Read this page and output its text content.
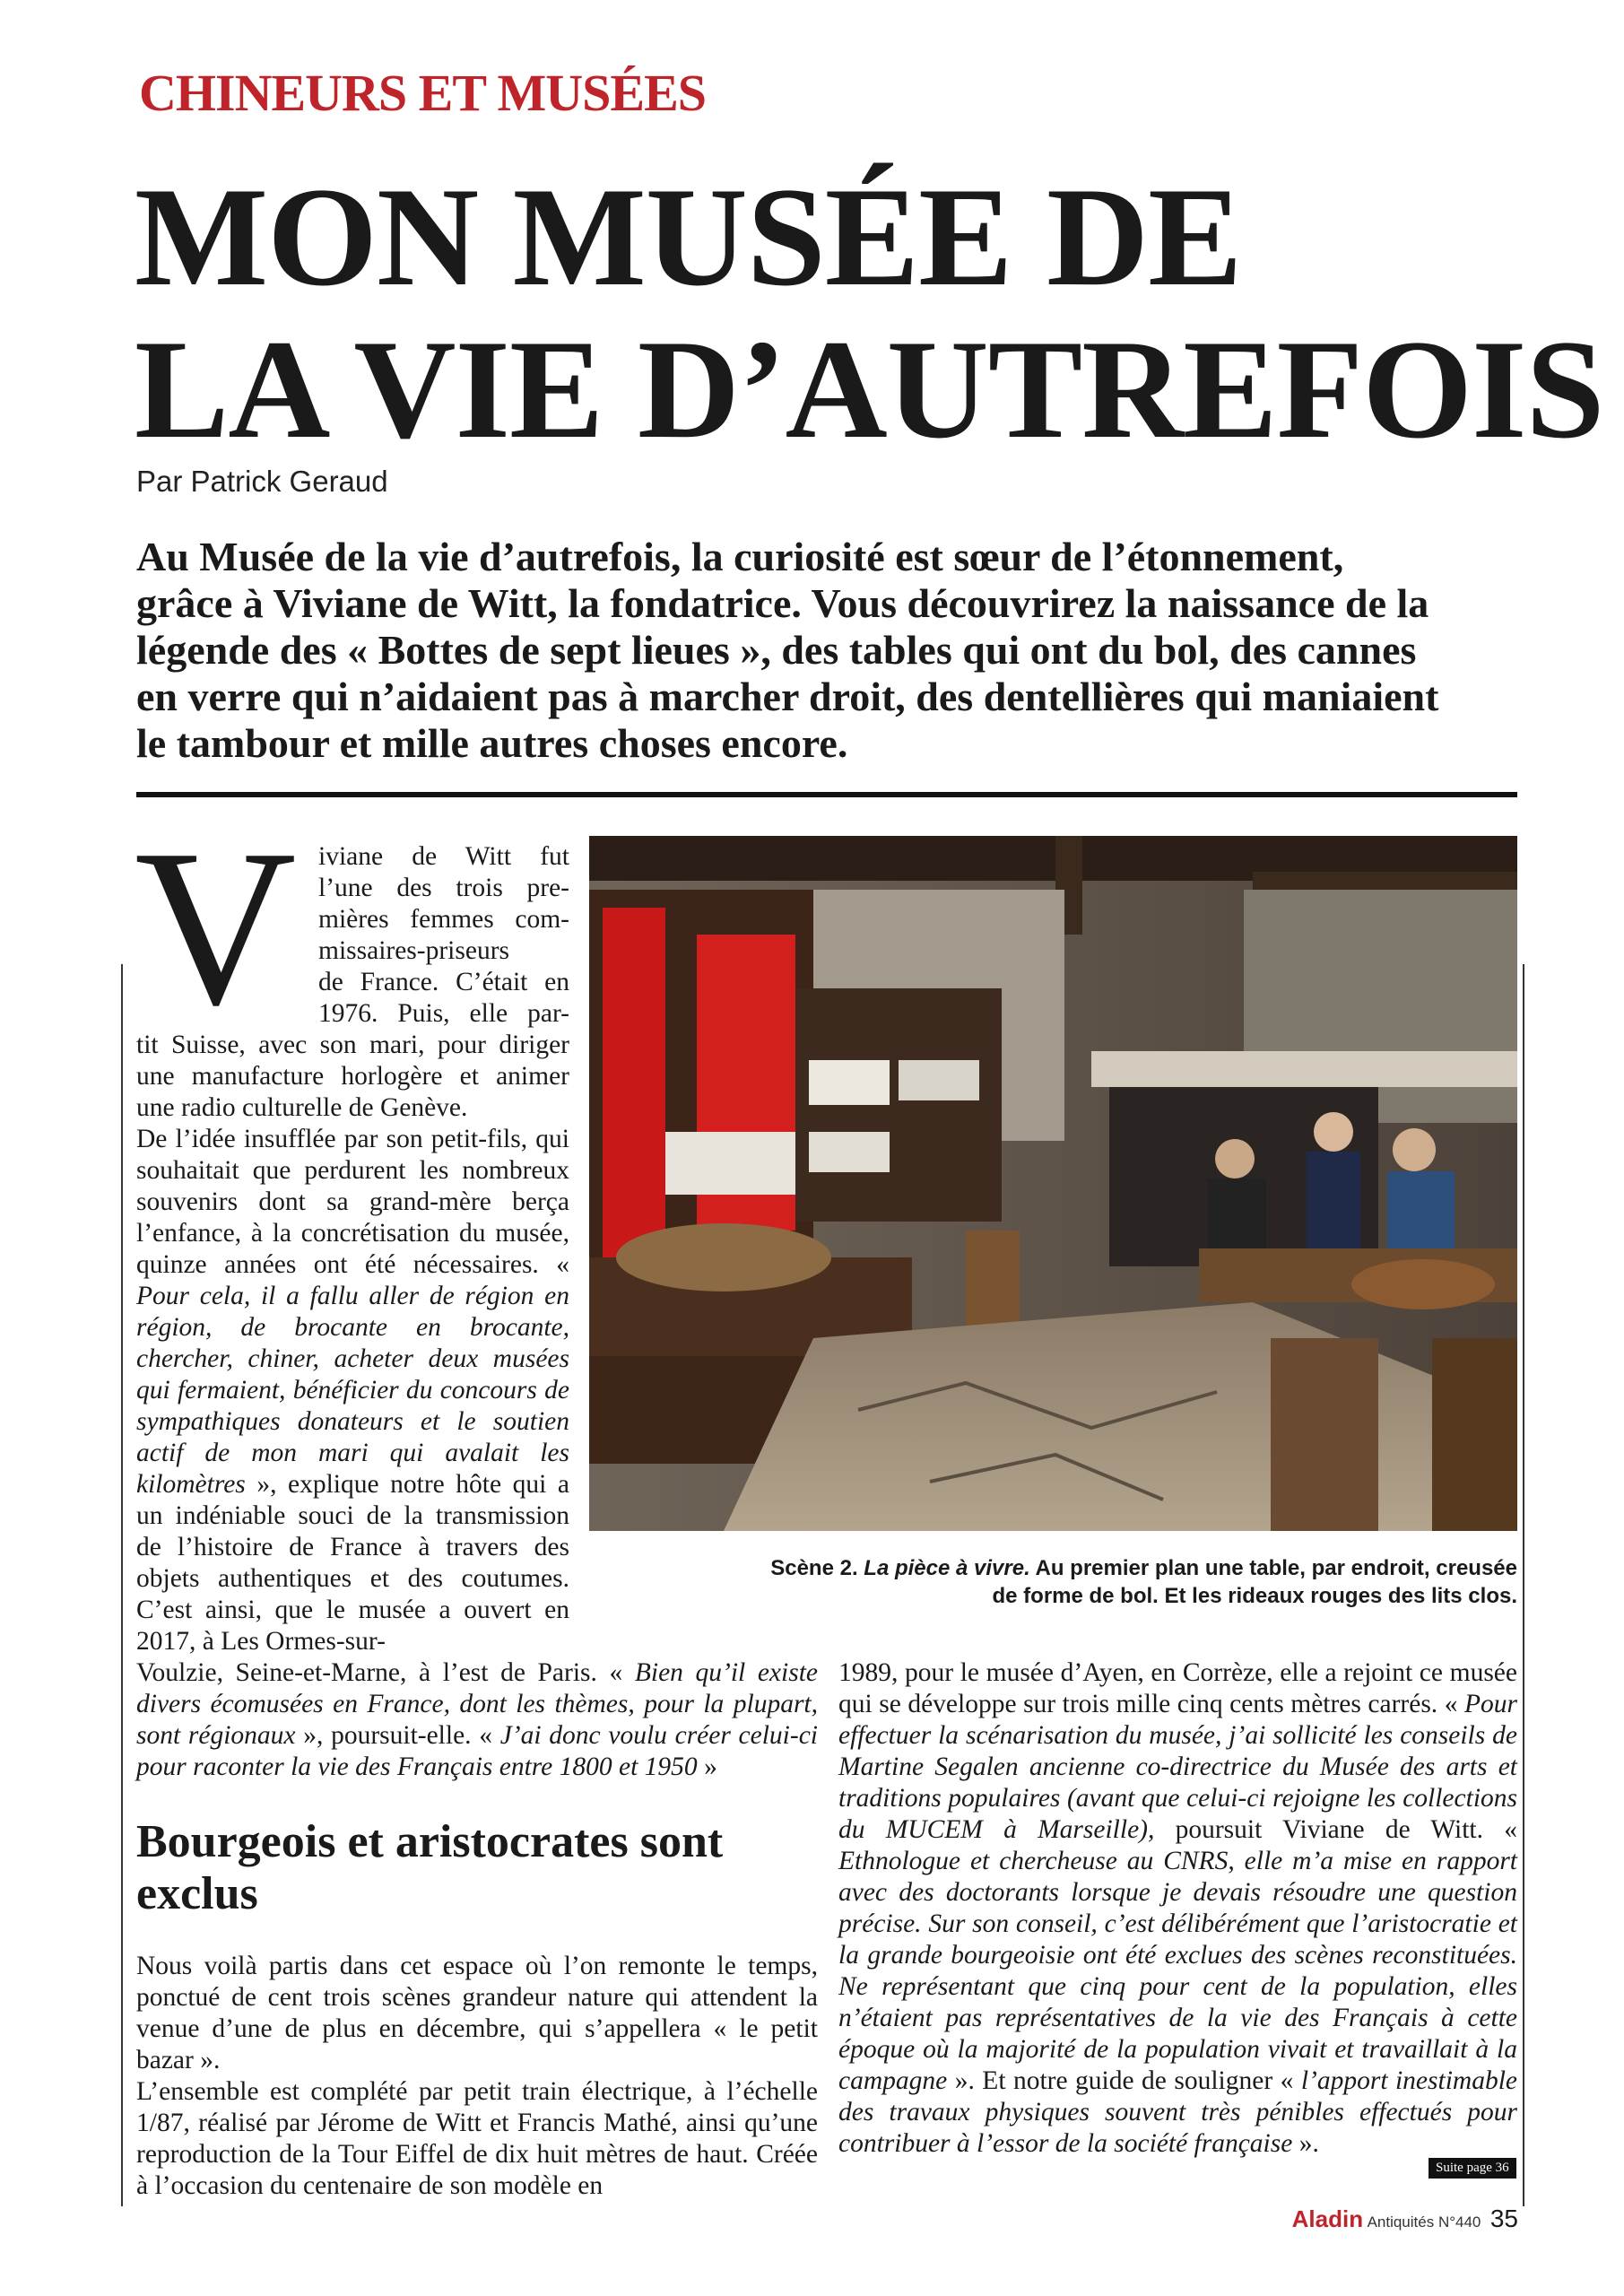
CHINEURS ET MUSÉES
MON MUSÉE DE
LA VIE D’AUTREFOIS
Par Patrick Geraud
Au Musée de la vie d’autrefois, la curiosité est sœur de l’étonnement,
grâce à Viviane de Witt, la fondatrice. Vous découvrirez la naissance de la
légende des « Bottes de sept lieues », des tables qui ont du bol, des cannes
en verre qui n’aidaient pas à marcher droit, des dentellières qui maniaient
le tambour et mille autres choses encore.
V iviane de Witt fut
l’une des trois pre-
mières femmes com-
missaires-priseurs
de France. C’était en
1976. Puis, elle par-

tit Suisse, avec son mari, pour diriger une manufacture horlogère et animer une radio culturelle de Genève.

De l’idée insufflée par son petit-fils, qui souhaitait que perdurent les nombreux souvenirs dont sa grand-mère berça l’enfance, à la concrétisation du musée, quinze années ont été nécessaires. « Pour cela, il a fallu aller de région en région, de brocante en brocante, chercher, chiner, acheter deux musées qui fermaient, bénéficier du concours de sympathiques donateurs et le soutien actif de mon mari qui avalait les kilomètres », explique notre hôte qui a un indéniable souci de la transmission de l’histoire de France à travers des objets authentiques et des coutumes. C’est ainsi, que le musée a ouvert en 2017, à Les Ormes-sur-

Voulzie, Seine-et-Marne, à l’est de Paris. « Bien qu’il existe divers écomusées en France, dont les thèmes, pour la plupart, sont régionaux », poursuit-elle. « J’ai donc voulu créer celui-ci pour raconter la vie des Français entre 1800 et 1950 »

Bourgeois et aristocrates sont exclus

Nous voilà partis dans cet espace où l’on remonte le temps, ponctué de cent trois scènes grandeur nature qui attendent la venue d’une de plus en décembre, qui s’appellera « le petit bazar ».

L’ensemble est complété par petit train électrique, à l’échelle 1/87, réalisé par Jérome de Witt et Francis Mathé, ainsi qu’une reproduction de la Tour Eiffel de dix huit mètres de haut. Créée à l’occasion du centenaire de son modèle en

Scène 2. La pièce à vivre. Au premier plan une table, par endroit, creusée
de forme de bol. Et les rideaux rouges des lits clos.

1989, pour le musée d’Ayen, en Corrèze, elle a rejoint ce musée qui se développe sur trois mille cinq cents mètres carrés. « Pour effectuer la scénarisation du musée, j’ai sollicité les conseils de Martine Segalen ancienne co-directrice du Musée des arts et traditions populaires (avant que celui-ci rejoigne les collections du MUCEM à Marseille), poursuit Viviane de Witt. « Ethnologue et chercheuse au CNRS, elle m’a mise en rapport avec des doctorants lorsque je devais résoudre une question précise. Sur son conseil, c’est délibérément que l’aristocratie et la grande bourgeoisie ont été exclues des scènes reconstituées. Ne représentant que cinq pour cent de la population, elles n’étaient pas représentatives de la vie des Français à cette époque où la majorité de la population vivait et travaillait à la campagne ». Et notre guide de souligner « l’apport inestimable des travaux physiques souvent très pénibles effectués pour contribuer à l’essor de la société française ».

Suite page 36
Aladin Antiquités N°440 35
